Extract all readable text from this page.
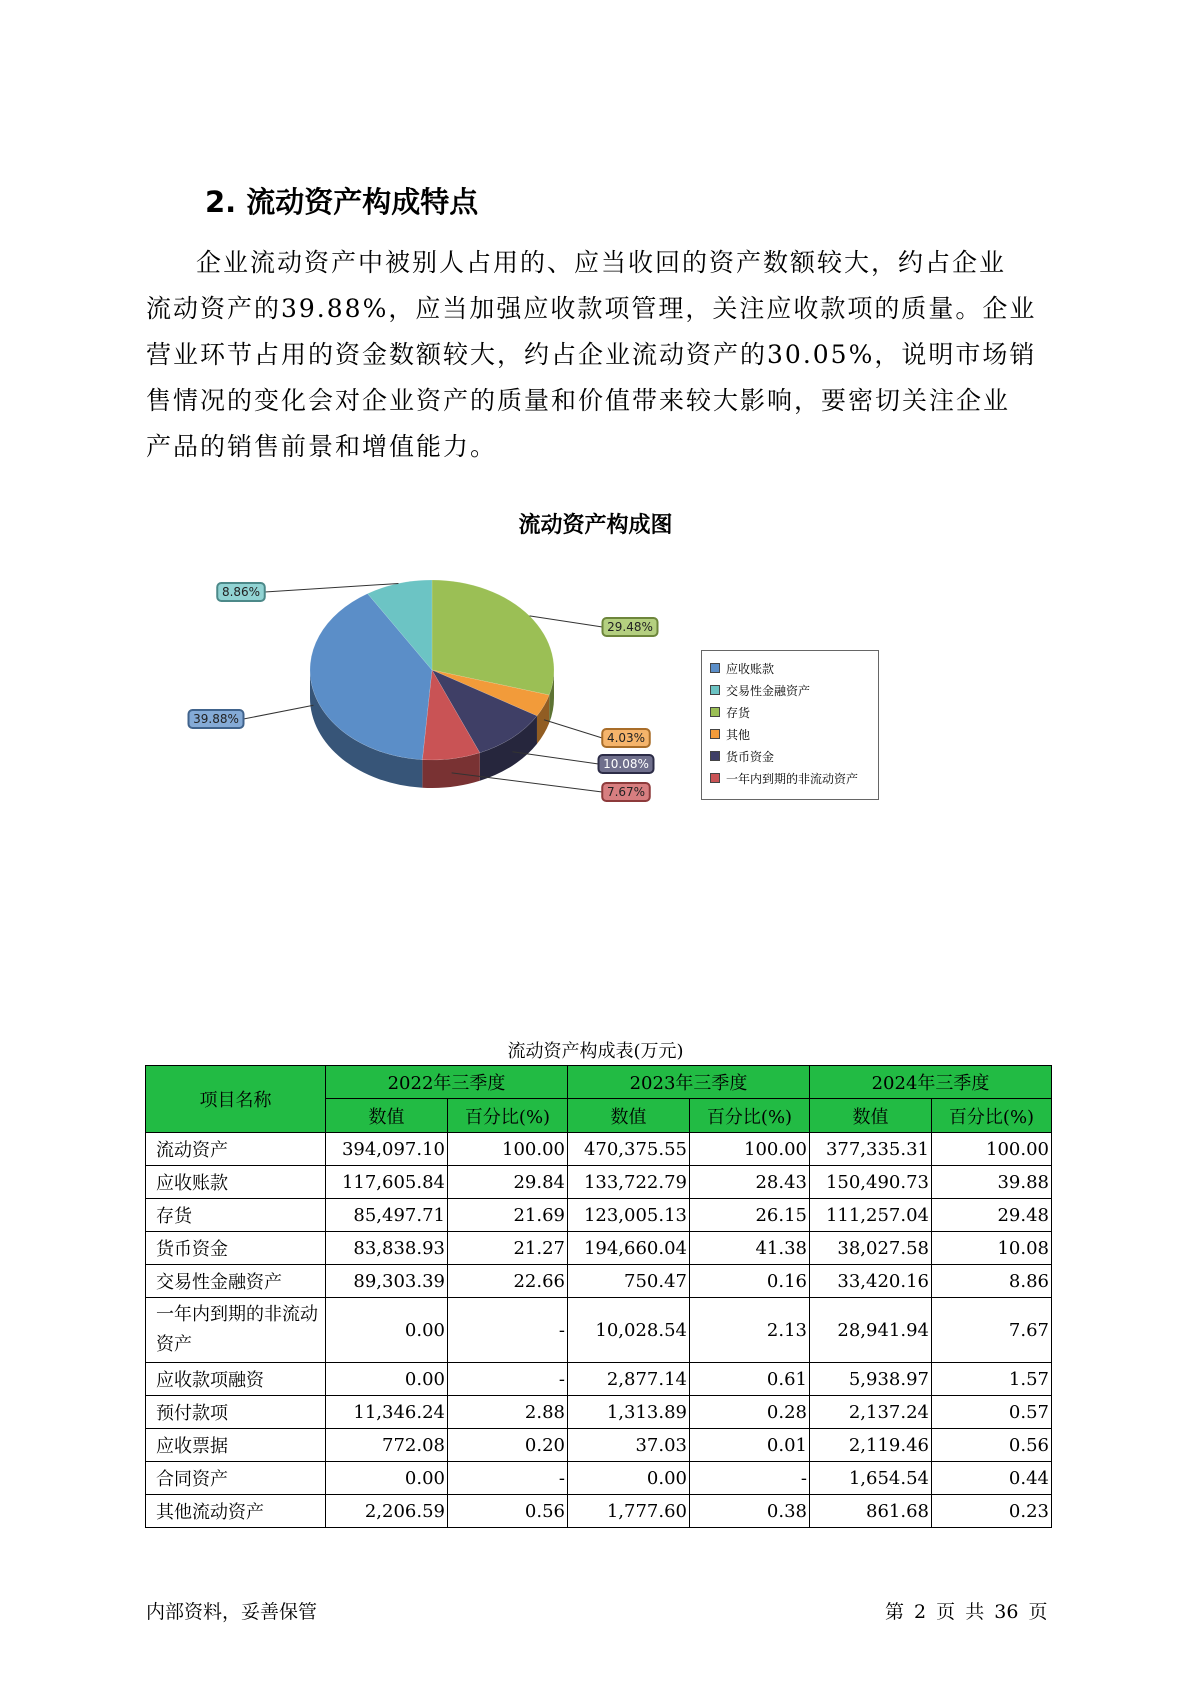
2. 流动资产构成特点

企业流动资产中被别人占用的、应当收回的资产数额较大，约占企业

流动资产的39.88%，应当加强应收款项管理，关注应收款项的质量。企业

营业环节占用的资金数额较大，约占企业流动资产的30.05%，说明市场销

售情况的变化会对企业资产的质量和价值带来较大影响，要密切关注企业

产品的销售前景和增值能力。

流动资产构成图
29.48%
4.03%
10.08%
7.67%
39.88%
8.86%
应收账款
交易性金融资产
存货
其他
货币资金
一年内到期的非流动资产
流动资产构成表(万元)
项目名称	2022年三季度		2023年三季度		2024年三季度	
	数值	百分比(%)	数值	百分比(%)	数值	百分比(%)
流动资产	394,097.10	100.00	470,375.55	100.00	377,335.31	100.00
应收账款	117,605.84	29.84	133,722.79	28.43	150,490.73	39.88
存货	85,497.71	21.69	123,005.13	26.15	111,257.04	29.48
货币资金	83,838.93	21.27	194,660.04	41.38	38,027.58	10.08
交易性金融资产	89,303.39	22.66	750.47	0.16	33,420.16	8.86
一年内到期的非流动资产	0.00	-	10,028.54	2.13	28,941.94	7.67
应收款项融资	0.00	-	2,877.14	0.61	5,938.97	1.57
预付款项	11,346.24	2.88	1,313.89	0.28	2,137.24	0.57
应收票据	772.08	0.20	37.03	0.01	2,119.46	0.56
合同资产	0.00	-	0.00	-	1,654.54	0.44
其他流动资产	2,206.59	0.56	1,777.60	0.38	861.68	0.23
内部资料，妥善保管	第 2 页 共 36 页
